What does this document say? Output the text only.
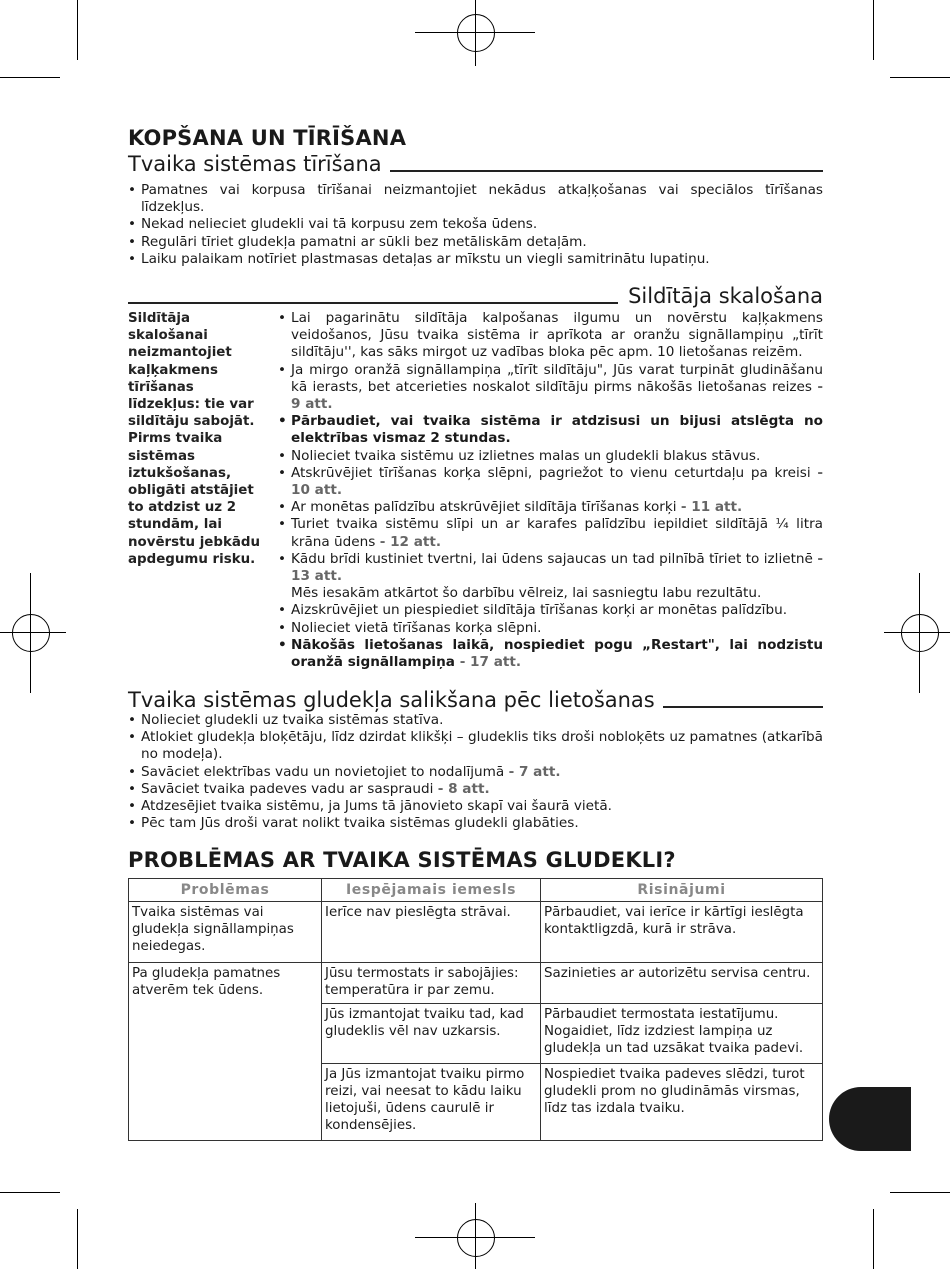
KOPŠANA UN TĪRĪŠANA
Tvaika sistēmas tīrīšana
• Pamatnes vai korpusa tīrīšanai neizmantojiet nekādus atkaļķošanas vai speciālos tīrīšanas līdzekļus.
• Nekad nelieciet gludekli vai tā korpusu zem tekoša ūdens.
• Regulāri tīriet gludekļa pamatni ar sūkli bez metāliskām detaļām.
• Laiku palaikam notīriet plastmasas detaļas ar mīkstu un viegli samitrinātu lupatiņu.
Sildītāja skalošana
Sildītāja skalošanai neizmantojiet kaļķakmens tīrīšanas līdzekļus: tie var sildītāju sabojāt. Pirms tvaika sistēmas iztukšošanas, obligāti atstājiet to atdzist uz 2 stundām, lai novērstu jebkādu apdegumu risku.
• Lai pagarinātu sildītāja kalpošanas ilgumu un novērstu kaļķakmens veidošanos, Jūsu tvaika sistēma ir aprīkota ar oranžu signāllampiņu „tīrīt sildītāju'', kas sāks mirgot uz vadības bloka pēc apm. 10 lietošanas reizēm.
• Ja mirgo oranžā signāllampiņa „tīrīt sildītāju", Jūs varat turpināt gludināšanu kā ierasts, bet atcerieties noskalot sildītāju pirms nākošās lietošanas reizes - 9 att.
• Pārbaudiet, vai tvaika sistēma ir atdzisusi un bijusi atslēgta no elektrības vismaz 2 stundas.
• Nolieciet tvaika sistēmu uz izlietnes malas un gludekli blakus stāvus.
• Atskrūvējiet tīrīšanas korķa slēpni, pagriežot to vienu ceturtdaļu pa kreisi - 10 att.
• Ar monētas palīdzību atskrūvējiet sildītāja tīrīšanas korķi - 11 att.
• Turiet tvaika sistēmu slīpi un ar karafes palīdzību iepildiet sildītājā ¼ litra krāna ūdens - 12 att.
• Kādu brīdi kustiniet tvertni, lai ūdens sajaucas un tad pilnībā tīriet to izlietnē - 13 att.
Mēs iesakām atkārtot šo darbību vēlreiz, lai sasniegtu labu rezultātu.
• Aizskrūvējiet un piespiediet sildītāja tīrīšanas korķi ar monētas palīdzību.
• Nolieciet vietā tīrīšanas korķa slēpni.
• Nākošās lietošanas laikā, nospiediet pogu „Restart", lai nodzistu oranžā signāllampiņa - 17 att.
Tvaika sistēmas gludekļa salikšana pēc lietošanas
• Nolieciet gludekli uz tvaika sistēmas statīva.
• Atlokiet gludekļa bloķētāju, līdz dzirdat klikšķi – gludeklis tiks droši nobloķēts uz pamatnes (atkarībā no modeļa).
• Savāciet elektrības vadu un novietojiet to nodalījumā - 7 att.
• Savāciet tvaika padeves vadu ar saspraudi - 8 att.
• Atdzesējiet tvaika sistēmu, ja Jums tā jānovieto skapī vai šaurā vietā.
• Pēc tam Jūs droši varat nolikt tvaika sistēmas gludekli glabāties.
PROBLĒMAS AR TVAIKA SISTĒMAS GLUDEKLI?
Problēmas	Iespējamais iemesls	Risinājumi
Tvaika sistēmas vai gludekļa signāllampiņas neiedegas.	Ierīce nav pieslēgta strāvai.	Pārbaudiet, vai ierīce ir kārtīgi ieslēgta kontaktligzdā, kurā ir strāva.
Pa gludekļa pamatnes atverēm tek ūdens.	Jūsu termostats ir sabojājies: temperatūra ir par zemu.	Sazinieties ar autorizētu servisa centru.
	Jūs izmantojat tvaiku tad, kad gludeklis vēl nav uzkarsis.	Pārbaudiet termostata iestatījumu. Nogaidiet, līdz izdziest lampiņa uz gludekļa un tad uzsākat tvaika padevi.
	Ja Jūs izmantojat tvaiku pirmo reizi, vai neesat to kādu laiku lietojuši, ūdens caurulē ir kondensējies.	Nospiediet tvaika padeves slēdzi, turot gludekli prom no gludināmās virsmas, līdz tas izdala tvaiku.
